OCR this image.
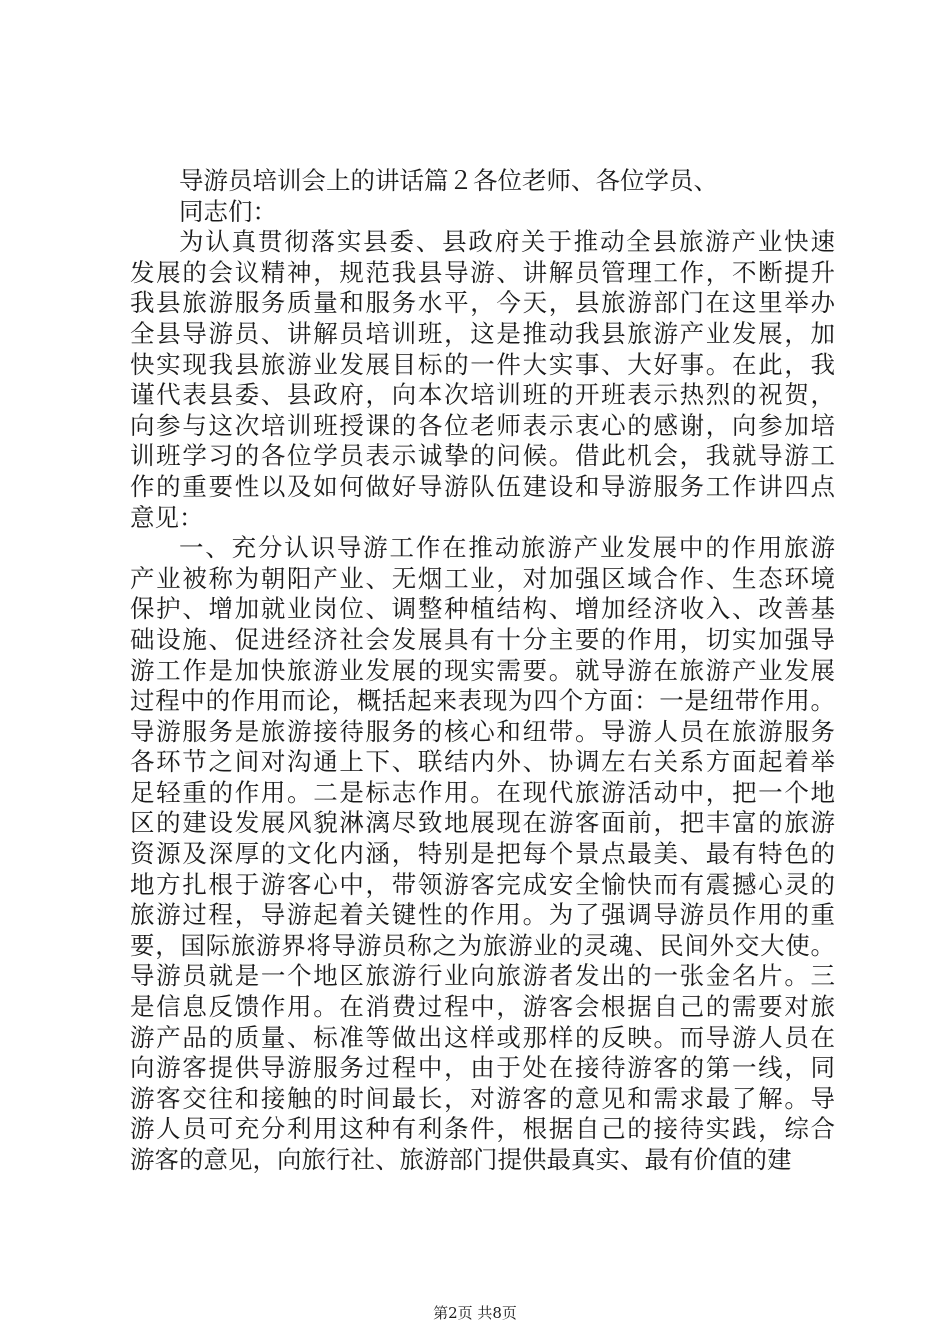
导游员培训会上的讲话篇２各位老师、各位学员、
同志们：
为认真贯彻落实县委、县政府关于推动全县旅游产业快速
发展的会议精神，规范我县导游、讲解员管理工作，不断提升
我县旅游服务质量和服务水平，今天，县旅游部门在这里举办
全县导游员、讲解员培训班，这是推动我县旅游产业发展，加
快实现我县旅游业发展目标的一件大实事、大好事。在此，我
谨代表县委、县政府，向本次培训班的开班表示热烈的祝贺，
向参与这次培训班授课的各位老师表示衷心的感谢，向参加培
训班学习的各位学员表示诚挚的问候。借此机会，我就导游工
作的重要性以及如何做好导游队伍建设和导游服务工作讲四点
意见：
一、充分认识导游工作在推动旅游产业发展中的作用旅游
产业被称为朝阳产业、无烟工业，对加强区域合作、生态环境
保护、增加就业岗位、调整种植结构、增加经济收入、改善基
础设施、促进经济社会发展具有十分主要的作用，切实加强导
游工作是加快旅游业发展的现实需要。就导游在旅游产业发展
过程中的作用而论，概括起来表现为四个方面：一是纽带作用。
导游服务是旅游接待服务的核心和纽带。导游人员在旅游服务
各环节之间对沟通上下、联结内外、协调左右关系方面起着举
足轻重的作用。二是标志作用。在现代旅游活动中，把一个地
区的建设发展风貌淋漓尽致地展现在游客面前，把丰富的旅游
资源及深厚的文化内涵，特别是把每个景点最美、最有特色的
地方扎根于游客心中，带领游客完成安全愉快而有震撼心灵的
旅游过程，导游起着关键性的作用。为了强调导游员作用的重
要，国际旅游界将导游员称之为旅游业的灵魂、民间外交大使。
导游员就是一个地区旅游行业向旅游者发出的一张金名片。三
是信息反馈作用。在消费过程中，游客会根据自己的需要对旅
游产品的质量、标准等做出这样或那样的反映。而导游人员在
向游客提供导游服务过程中，由于处在接待游客的第一线，同
游客交往和接触的时间最长，对游客的意见和需求最了解。导
游人员可充分利用这种有利条件，根据自己的接待实践，综合
游客的意见，向旅行社、旅游部门提供最真实、最有价值的建
第2页 共8页
